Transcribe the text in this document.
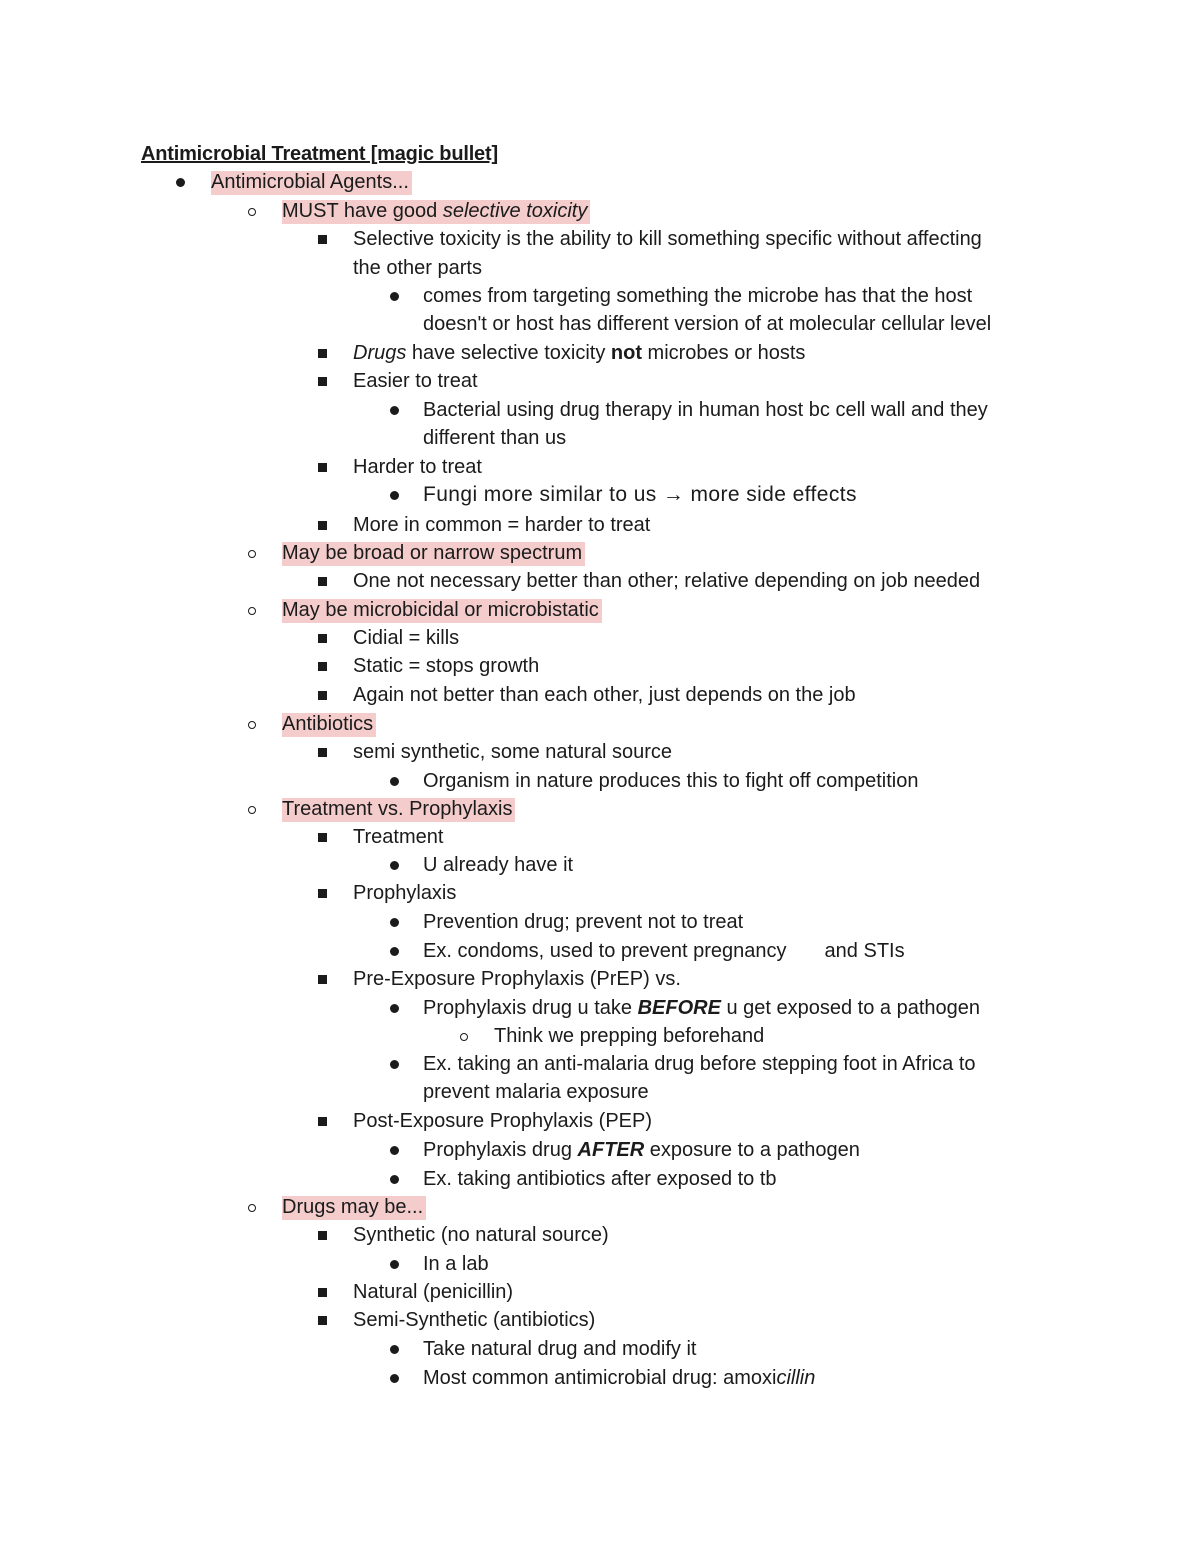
Antimicrobial Treatment [magic bullet]
Antimicrobial Agents...
MUST have good selective toxicity
Selective toxicity is the ability to kill something specific without affecting
the other parts
comes from targeting something the microbe has that the host
doesn't or host has different version of at molecular cellular level
Drugs have selective toxicity not microbes or hosts
Easier to treat
Bacterial using drug therapy in human host bc cell wall and they
different than us
Harder to treat
Fungi more similar to us → more side effects
More in common = harder to treat
May be broad or narrow spectrum
One not necessary better than other; relative depending on job needed
May be microbicidal or microbistatic
Cidial = kills
Static = stops growth
Again not better than each other, just depends on the job
Antibiotics
semi synthetic, some natural source
Organism in nature produces this to fight off competition
Treatment vs. Prophylaxis
Treatment
U already have it
Prophylaxis
Prevention drug; prevent not to treat
Ex. condoms, used to prevent pregnancy and STIs
Pre-Exposure Prophylaxis (PrEP) vs.
Prophylaxis drug u take BEFORE u get exposed to a pathogen
Think we prepping beforehand
Ex. taking an anti-malaria drug before stepping foot in Africa to
prevent malaria exposure
Post-Exposure Prophylaxis (PEP)
Prophylaxis drug AFTER exposure to a pathogen
Ex. taking antibiotics after exposed to tb
Drugs may be...
Synthetic (no natural source)
In a lab
Natural (penicillin)
Semi-Synthetic (antibiotics)
Take natural drug and modify it
Most common antimicrobial drug: amoxicillin
